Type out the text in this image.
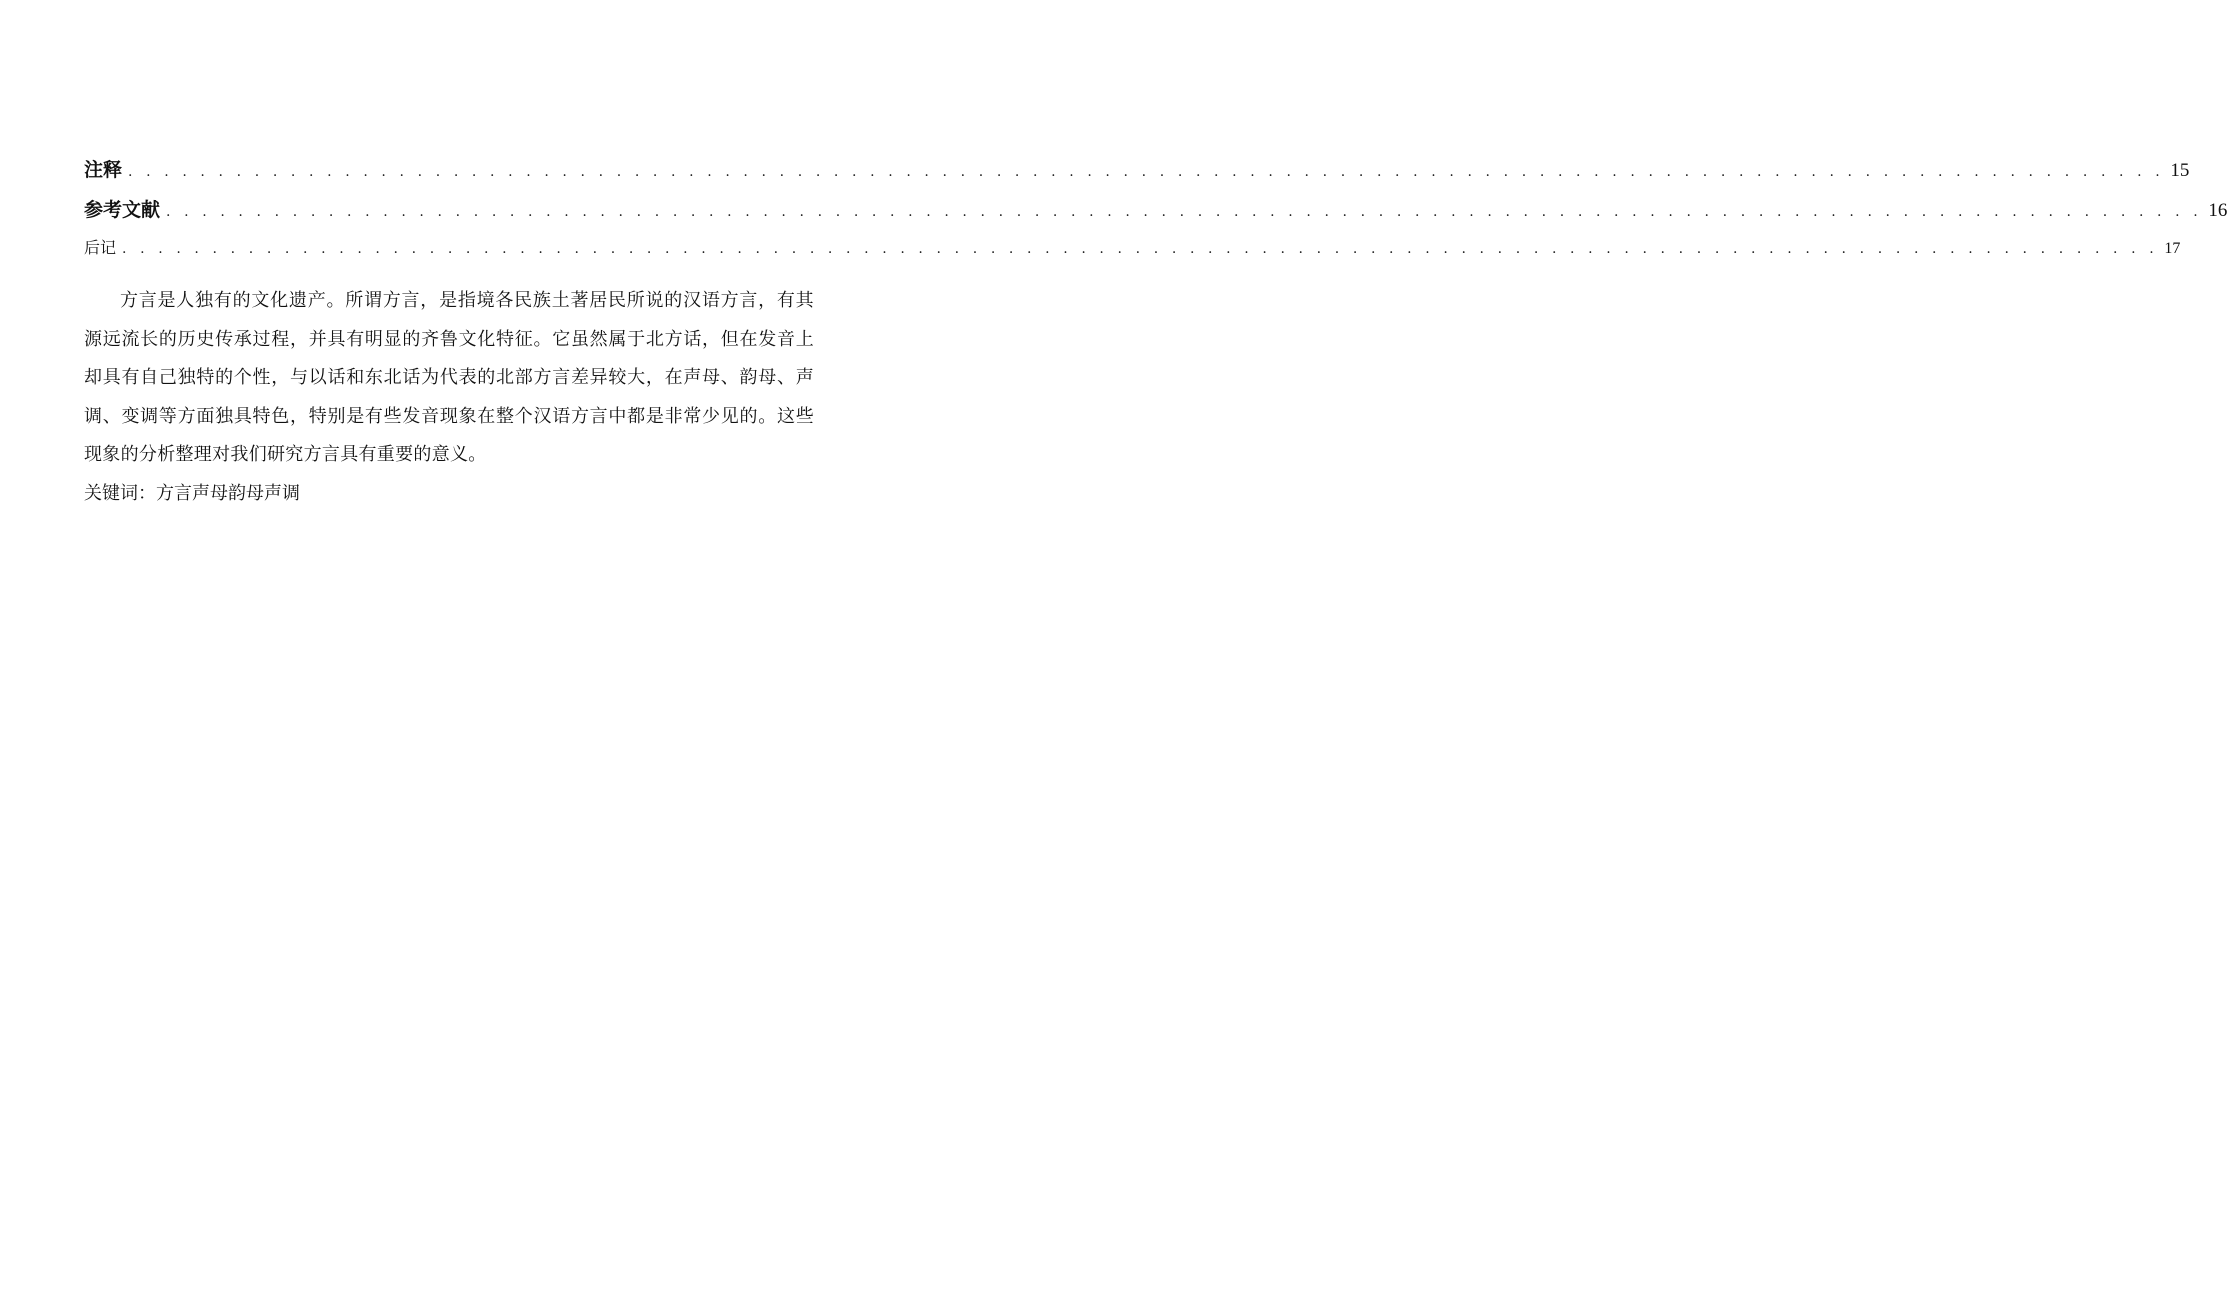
注释 . . . . . . . . . . . . . . . . . . . . . . . . . . . . . . . . . . . . . . . . . . . . . . . . . . . . . . . . . . . . . . . . . . . . . . . . . . . . . . . . . . . . . . . . . . . . . . . . . . . . . . . . . . . . . . . . . 15
参考文献 . . . . . . . . . . . . . . . . . . . . . . . . . . . . . . . . . . . . . . . . . . . . . . . . . . . . . . . . . . . . . . . . . . . . . . . . . . . . . . . . . . . . . . . . . . . . . . . . . . . . . . . . . . . . . . . . . 16
后记 . . . . . . . . . . . . . . . . . . . . . . . . . . . . . . . . . . . . . . . . . . . . . . . . . . . . . . . . . . . . . . . . . . . . . . . . . . . . . . . . . . . . . . . . . . . . . . . . . . . . . . . . . . . . . . . . . 17

方言是人独有的文化遗产。所谓方言，是指境各民族土著居民所说的汉语方言，有其源远流长的历史传承过程，并具有明显的齐鲁文化特征。它虽然属于北方话，但在发音上却具有自己独特的个性，与以话和东北话为代表的北部方言差异较大，在声母、韵母、声调、变调等方面独具特色，特别是有些发音现象在整个汉语方言中都是非常少见的。这些现象的分析整理对我们研究方言具有重要的意义。

关键词：方言声母韵母声调
